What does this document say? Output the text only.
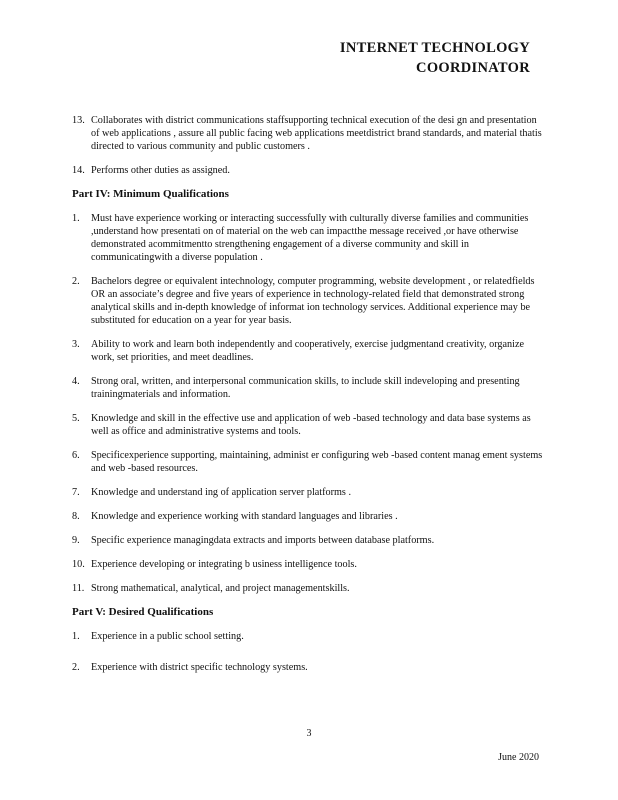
INTERNET TECHNOLOGY
COORDINATOR
13. Collaborates with district communications staffsupporting technical execution of the desi gn and presentation of web applications , assure all public facing web applications meetdistrict brand standards, and material thatis directed to various community and public customers .
14. Performs other duties as assigned.
Part IV: Minimum Qualifications
1. Must have experience working or interacting successfully with culturally diverse families and communities ,understand how presentati on of material on the web can impactthe message received ,or have otherwise demonstrated acommitmentto strengthening engagement of a diverse community and skill in communicatingwith a diverse population .
2. Bachelors degree or equivalent intechnology, computer programming, website development , or relatedfields OR an associate’s degree and five years of experience in technology-related field that demonstrated strong analytical skills and in-depth knowledge of informat ion technology services. Additional experience may be substituted for education on a year for year basis.
3. Ability to work and learn both independently and cooperatively, exercise judgmentand creativity, organize work, set priorities, and meet deadlines.
4. Strong oral, written, and interpersonal communication skills, to include skill indeveloping and presenting trainingmaterials and information.
5. Knowledge and skill in the effective use and application of web -based technology and data base systems as well as office and administrative systems and tools.
6. Specificexperience supporting, maintaining, administ er configuring web -based content manag ement systems and web -based resources.
7. Knowledge and understand ing of application server platforms .
8. Knowledge and experience working with standard languages and libraries .
9. Specific experience managingdata extracts and imports between database platforms.
10. Experience developing or integrating b usiness intelligence tools.
11. Strong mathematical, analytical, and project managementskills.
Part V: Desired Qualifications
1. Experience in a public school setting.
2. Experience with district specific technology systems.
3
June 2020
